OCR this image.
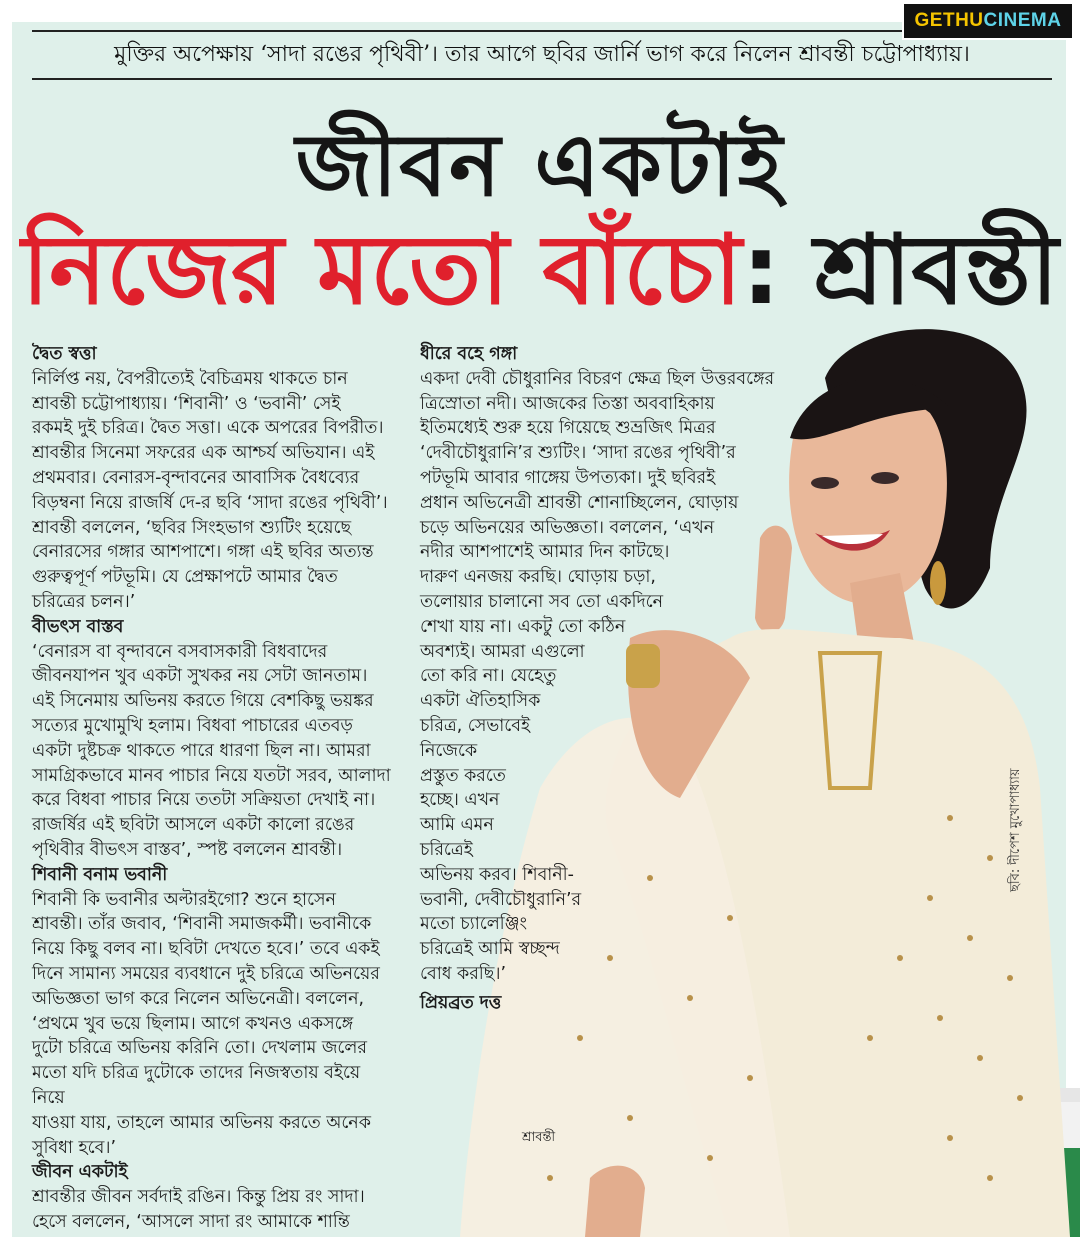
GETHU CINEMA
মুক্তির অপেক্ষায় ‘সাদা রঙের পৃথিবী’। তার আগে ছবির জার্নি ভাগ করে নিলেন শ্রাবন্তী চট্টোপাধ্যায়।
জীবন একটাই
নিজের মতো বাঁচো: শ্রাবন্তী
ছবি: দীপেশ মুখোপাধ্যায়
শ্রাবন্তী

দ্বৈত স্বত্তা

নির্লিপ্ত নয়, বৈপরীত্যেই বৈচিত্রময় থাকতে চান

শ্রাবন্তী চট্টোপাধ্যায়। ‘শিবানী’ ও ‘ভবানী’ সেই

রকমই দুই চরিত্র। দ্বৈত সত্তা। একে অপরের বিপরীত।

শ্রাবন্তীর সিনেমা সফরের এক আশ্চর্য অভিযান। এই

প্রথমবার। বেনারস-বৃন্দাবনের আবাসিক বৈধব্যের

বিড়ম্বনা নিয়ে রাজর্ষি দে-র ছবি ‘সাদা রঙের পৃথিবী’।

শ্রাবন্তী বললেন, ‘ছবির সিংহভাগ শ্যুটিং হয়েছে

বেনারসের গঙ্গার আশপাশে। গঙ্গা এই ছবির অত্যন্ত

গুরুত্বপূর্ণ পটভূমি। যে প্রেক্ষাপটে আমার দ্বৈত

চরিত্রের চলন।’

বীভৎস বাস্তব

‘বেনারস বা বৃন্দাবনে বসবাসকারী বিধবাদের

জীবনযাপন খুব একটা সুখকর নয় সেটা জানতাম।

এই সিনেমায় অভিনয় করতে গিয়ে বেশকিছু ভয়ঙ্কর

সত্যের মুখোমুখি হলাম। বিধবা পাচারের এতবড়

একটা দুষ্টচক্র থাকতে পারে ধারণা ছিল না। আমরা

সামগ্রিকভাবে মানব পাচার নিয়ে যতটা সরব, আলাদা

করে বিধবা পাচার নিয়ে ততটা সক্রিয়তা দেখাই না।

রাজর্ষির এই ছবিটা আসলে একটা কালো রঙের

পৃথিবীর বীভৎস বাস্তব’, স্পষ্ট বললেন শ্রাবন্তী।

শিবানী বনাম ভবানী

শিবানী কি ভবানীর অল্টারইগো? শুনে হাসেন

শ্রাবন্তী। তাঁর জবাব, ‘শিবানী সমাজকর্মী। ভবানীকে

নিয়ে কিছু বলব না। ছবিটা দেখতে হবে।’ তবে একই

দিনে সামান্য সময়ের ব্যবধানে দুই চরিত্রে অভিনয়ের

অভিজ্ঞতা ভাগ করে নিলেন অভিনেত্রী। বললেন,

‘প্রথমে খুব ভয়ে ছিলাম। আগে কখনও একসঙ্গে

দুটো চরিত্রে অভিনয় করিনি তো। দেখলাম জলের

মতো যদি চরিত্র দুটোকে তাদের নিজস্বতায় বইয়ে নিয়ে

যাওয়া যায়, তাহলে আমার অভিনয় করতে অনেক

সুবিধা হবে।’

জীবন একটাই

শ্রাবন্তীর জীবন সর্বদাই রঙিন। কিন্তু প্রিয় রং সাদা।

হেসে বললেন, ‘আসলে সাদা রং আমাকে শান্তি

ধীরে বহে গঙ্গা

একদা দেবী চৌধুরানির বিচরণ ক্ষেত্র ছিল উত্তরবঙ্গের

ত্রিস্রোতা নদী। আজকের তিস্তা অববাহিকায়

ইতিমধ্যেই শুরু হয়ে গিয়েছে শুভ্রজিৎ মিত্রর

‘দেবীচৌধুরানি’র শ্যুটিং। ‘সাদা রঙের পৃথিবী’র

পটভূমি আবার গাঙ্গেয় উপত্যকা। দুই ছবিরই

প্রধান অভিনেত্রী শ্রাবন্তী শোনাচ্ছিলেন, ঘোড়ায়

চড়ে অভিনয়ের অভিজ্ঞতা। বললেন, ‘এখন

নদীর আশপাশেই আমার দিন কাটছে।

দারুণ এনজয় করছি। ঘোড়ায় চড়া,

তলোয়ার চালানো সব তো একদিনে

শেখা যায় না। একটু তো কঠিন

অবশ্যই। আমরা এগুলো

তো করি না। যেহেতু

একটা ঐতিহাসিক

চরিত্র, সেভাবেই

নিজেকে

প্রস্তুত করতে

হচ্ছে। এখন

আমি এমন

চরিত্রেই

অভিনয় করব। শিবানী-

ভবানী, দেবীচৌধুরানি’র

মতো চ্যালেঞ্জিং

চরিত্রেই আমি স্বচ্ছন্দ

বোধ করছি।’

প্রিয়ব্রত দত্ত
